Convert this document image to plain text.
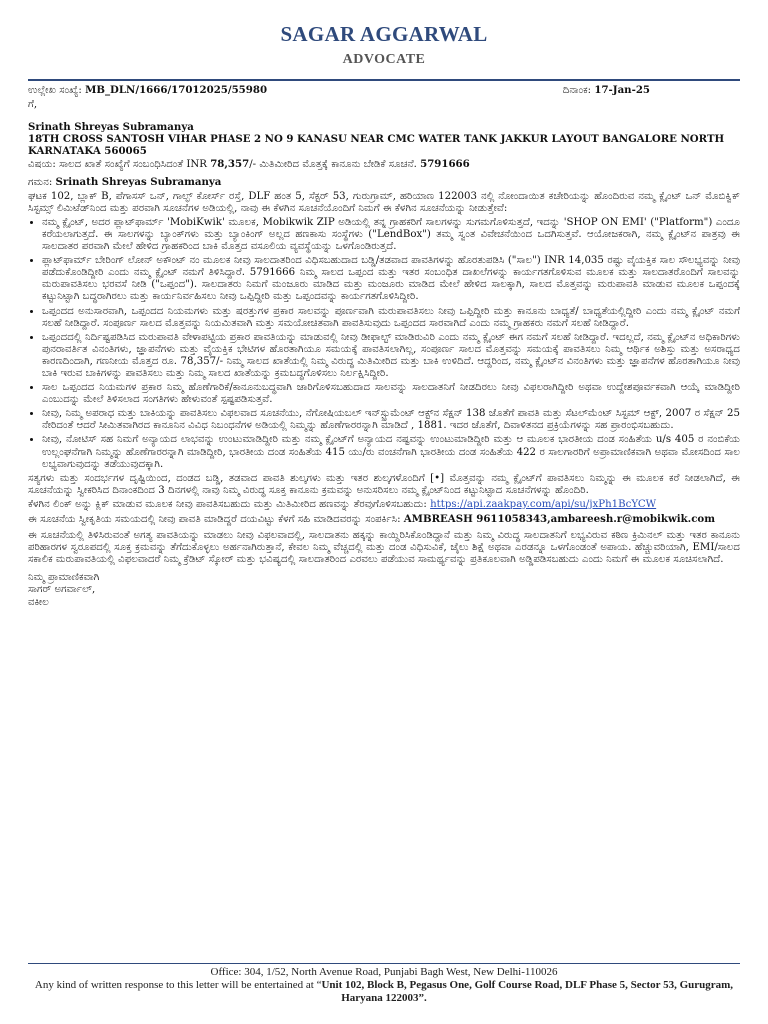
SAGAR AGGARWAL
ADVOCATE
ಉಲ್ಲೇಖ ಸಂಖ್ಯೆ: MB_DLN/1666/17012025/55980	ದಿನಾಂಕ: 17-Jan-25

ಗೆ,

Srinath Shreyas Subramanya

18TH CROSS SANTOSH VIHAR PHASE 2 NO 9 KANASU NEAR CMC WATER TANK JAKKUR LAYOUT BANGALORE NORTH KARNATAKA 560065

ವಿಷಯ: ಸಾಲದ ಖಾತೆ ಸಂಖ್ಯೆಗೆ ಸಂಬಂಧಿಸಿದಂತೆ INR 78,357/- ಮಿತಿಮೀರಿದ ಮೊತ್ತಕ್ಕೆ ಕಾನೂನು ಬೇಡಿಕೆ ಸೂಚನೆ. 5791666

ಗಮನ: Srinath Shreyas Subramanya

ಘಟಕ 102, ಬ್ಲಾಕ್ B, ಪೆಗಾಸಸ್ ಒನ್, ಗಾಲ್ಫ್ ಕೋರ್ಸ್ ರಸ್ತೆ, DLF ಹಂತ 5, ಸೆಕ್ಟರ್ 53, ಗುರುಗ್ರಾಮ್, ಹರಿಯಾಣ 122003 ನಲ್ಲಿ ನೋಂದಾಯಿತ ಕಚೇರಿಯನ್ನು ಹೊಂದಿರುವ ನಮ್ಮ ಕ್ಲೈಂಟ್ ಒನ್ ಮೊಬಿಕ್ವಿಕ್ ಸಿಸ್ಟಮ್ಸ್ ಲಿಮಿಟೆಡ್‌ನಿಂದ ಮತ್ತು ಪರವಾಗಿ ಸೂಚನೆಗಳ ಅಡಿಯಲ್ಲಿ, ನಾವು ಈ ಕೆಳಗಿನ ಸೂಚನೆಯೊಂದಿಗೆ ನಿಮಗೆ ಈ ಕೆಳಗಿನ ಸೂಚನೆಯನ್ನು ನೀಡುತ್ತೇವೆ:

• ನಮ್ಮ ಕ್ಲೈಂಟ್, ಅದರ ಪ್ಲಾಟ್‌ಫಾರ್ಮ್ 'MobiKwik' ಮೂಲಕ, Mobikwik ZIP ಅಡಿಯಲ್ಲಿ ತನ್ನ ಗ್ರಾಹಕರಿಗೆ ಸಾಲಗಳನ್ನು ಸುಗಮಗೊಳಿಸುತ್ತದೆ, ಇದನ್ನು 'SHOP ON EMI' ("Platform") ಎಂದೂ ಕರೆಯಲಾಗುತ್ತದೆ. ಈ ಸಾಲಗಳನ್ನು ಬ್ಯಾಂಕ್‌ಗಳು ಮತ್ತು ಬ್ಯಾಂಕಿಂಗ್ ಅಲ್ಲದ ಹಣಕಾಸು ಸಂಸ್ಥೆಗಳು ("LendBox") ತಮ್ಮ ಸ್ವಂತ ವಿವೇಚನೆಯಿಂದ ಒದಗಿಸುತ್ತವೆ. ಆಯೋಜಕರಾಗಿ, ನಮ್ಮ ಕ್ಲೈಂಟ್‌ನ ಪಾತ್ರವು ಈ ಸಾಲದಾತರ ಪರವಾಗಿ ಮೇಲೆ ಹೇಳಿದ ಗ್ರಾಹಕರಿಂದ ಬಾಕಿ ಮೊತ್ತದ ವಸೂಲಿಯ ವ್ಯವಸ್ಥೆಯನ್ನು ಒಳಗೊಂಡಿರುತ್ತದೆ.
• ಪ್ಲಾಟ್‌ಫಾರ್ಮ್ ಬೇರಿಂಗ್ ಲೋನ್ ಅಕೌಂಟ್ ನಂ ಮೂಲಕ ನೀವು ಸಾಲದಾತರಿಂದ ವಿಧಿಸಬಹುದಾದ ಬಡ್ಡಿ/ತಡವಾದ ಪಾವತಿಗಳನ್ನು ಹೊರತುಪಡಿಸಿ ("ಸಾಲ") INR 14,035 ರಷ್ಟು ವೈಯಕ್ತಿಕ ಸಾಲ ಸೌಲಭ್ಯವನ್ನು ನೀವು ಪಡೆದುಕೊಂಡಿದ್ದೀರಿ ಎಂದು ನಮ್ಮ ಕ್ಲೈಂಟ್ ನಮಗೆ ತಿಳಿಸಿದ್ದಾರೆ. 5791666 ನಿಮ್ಮ ಸಾಲದ ಒಪ್ಪಂದ ಮತ್ತು ಇತರ ಸಂಬಂಧಿತ ದಾಖಲೆಗಳನ್ನು ಕಾರ್ಯಗತಗೊಳಿಸುವ ಮೂಲಕ ಮತ್ತು ಸಾಲದಾತರೊಂದಿಗೆ ಸಾಲವನ್ನು ಮರುಪಾವತಿಸಲು ಭರವಸೆ ನೀಡಿ ("ಒಪ್ಪಂದ"). ಸಾಲದಾತರು ನಿಮಗೆ ಮಂಜೂರು ಮಾಡಿದ ಮತ್ತು ಮಂಜೂರು ಮಾಡಿದ ಮೇಲೆ ಹೇಳಿದ ಸಾಲಕ್ಕಾಗಿ, ಸಾಲದ ಮೊತ್ತವನ್ನು ಮರುಪಾವತಿ ಮಾಡುವ ಮೂಲಕ ಒಪ್ಪಂದಕ್ಕೆ ಕಟ್ಟುನಿಟ್ಟಾಗಿ ಬದ್ಧರಾಗಿರಲು ಮತ್ತು ಕಾರ್ಯನಿರ್ವಹಿಸಲು ನೀವು ಒಪ್ಪಿದ್ದೀರಿ ಮತ್ತು ಒಪ್ಪಂದವನ್ನು ಕಾರ್ಯಗತಗೊಳಿಸಿದ್ದೀರಿ.
• ಒಪ್ಪಂದದ ಅನುಸಾರವಾಗಿ, ಒಪ್ಪಂದದ ನಿಯಮಗಳು ಮತ್ತು ಷರತ್ತುಗಳ ಪ್ರಕಾರ ಸಾಲವನ್ನು ಪೂರ್ಣವಾಗಿ ಮರುಪಾವತಿಸಲು ನೀವು ಒಪ್ಪಿದ್ದೀರಿ ಮತ್ತು ಕಾನೂನು ಬಾಧ್ಯತೆ/ ಬಾಧ್ಯತೆಯಲ್ಲಿದ್ದೀರಿ ಎಂದು ನಮ್ಮ ಕ್ಲೈಂಟ್ ನಮಗೆ ಸಲಹೆ ನೀಡಿದ್ದಾರೆ. ಸಂಪೂರ್ಣ ಸಾಲದ ಮೊತ್ತವನ್ನು ನಿಯಮಿತವಾಗಿ ಮತ್ತು ಸಮಯೋಚಿತವಾಗಿ ಪಾವತಿಸುವುದು ಒಪ್ಪಂದದ ಸಾರವಾಗಿದೆ ಎಂದು ನಮ್ಮ ಗ್ರಾಹಕರು ನಮಗೆ ಸಲಹೆ ನೀಡಿದ್ದಾರೆ.
• ಒಪ್ಪಂದದಲ್ಲಿ ನಿರ್ದಿಷ್ಟಪಡಿಸಿದ ಮರುಪಾವತಿ ವೇಳಾಪಟ್ಟಿಯ ಪ್ರಕಾರ ಪಾವತಿಯನ್ನು ಮಾಡುವಲ್ಲಿ ನೀವು ಡೀಫಾಲ್ಟ್ ಮಾಡಿರುವಿರಿ ಎಂದು ನಮ್ಮ ಕ್ಲೈಂಟ್ ಈಗ ನಮಗೆ ಸಲಹೆ ನೀಡಿದ್ದಾರೆ. ಇದಲ್ಲದೆ, ನಮ್ಮ ಕ್ಲೈಂಟ್‌ನ ಅಧಿಕಾರಿಗಳು ಪುನರಾವರ್ತಿತ ವಿನಂತಿಗಳು, ಜ್ಞಾಪನೆಗಳು ಮತ್ತು ವೈಯಕ್ತಿಕ ಭೇಟಿಗಳ ಹೊರತಾಗಿಯೂ ಸಮಯಕ್ಕೆ ಪಾವತಿಸಲಾಗಿಲ್ಲ, ಸಂಪೂರ್ಣ ಸಾಲದ ಮೊತ್ತವನ್ನು ಸಮಯಕ್ಕೆ ಪಾವತಿಸಲು ನಿಮ್ಮ ಆರ್ಥಿಕ ಅಶಿಸ್ತು ಮತ್ತು ಅಸರಾಧ್ಯದ ಕಾರಣದಿಂದಾಗಿ, ಗಣನೀಯ ಮೊತ್ತದ ರೂ. 78,357/- ನಿಮ್ಮ ಸಾಲದ ಖಾತೆಯಲ್ಲಿ ನಿಮ್ಮ ವಿರುದ್ಧ ಮಿತಿಮೀರಿದ ಮತ್ತು ಬಾಕಿ ಉಳಿದಿದೆ. ಆದ್ದರಿಂದ, ನಮ್ಮ ಕ್ಲೈಂಟ್‌ನ ವಿನಂತಿಗಳು ಮತ್ತು ಜ್ಞಾಪನೆಗಳ ಹೊರತಾಗಿಯೂ ನೀವು ಬಾಕಿ ಇರುವ ಬಾಕಿಗಳನ್ನು ಪಾವತಿಸಲು ಮತ್ತು ನಿಮ್ಮ ಸಾಲದ ಖಾತೆಯನ್ನು ಕ್ರಮಬದ್ಧಗೊಳಿಸಲು ನಿರ್ಲಕ್ಷಿಸಿದ್ದೀರಿ.
• ಸಾಲ ಒಪ್ಪಂದದ ನಿಯಮಗಳ ಪ್ರಕಾರ ನಿಮ್ಮ ಹೊಣೆಗಾರಿಕೆ/ಕಾನೂನುಬದ್ಧವಾಗಿ ಜಾರಿಗೊಳಿಸಬಹುದಾದ ಸಾಲವನ್ನು ಸಾಲದಾತನಿಗೆ ನೀಡದಿರಲು ನೀವು ವಿಫಲರಾಗಿದ್ದೀರಿ ಅಥವಾ ಉದ್ದೇಶಪೂರ್ವಕವಾಗಿ ಆಯ್ಕೆ ಮಾಡಿದ್ದೀರಿ ಎಂಬುದನ್ನು ಮೇಲೆ ತಿಳಿಸಲಾದ ಸಂಗತಿಗಳು ಹೇಳುವಂತೆ ಸ್ಪಷ್ಟಪಡಿಸುತ್ತವೆ.
• ನೀವು, ನಿಮ್ಮ ಅಪರಾಧ ಮತ್ತು ಬಾಕಿಯನ್ನು ಪಾವತಿಸಲು ವಿಫಲವಾದ ಸೂಚನೆಯು, ನೆಗೋಷಿಯಬಲ್ ಇನ್‌ಸ್ಟ್ರುಮೆಂಟ್ ಆಕ್ಟ್‌ನ ಸೆಕ್ಷನ್ 138 ಜೊತೆಗೆ ಪಾವತಿ ಮತ್ತು ಸೆಟಲ್‌ಮೆಂಟ್ ಸಿಸ್ಟಮ್ ಆಕ್ಟ್, 2007 ರ ಸೆಕ್ಷನ್ 25 ನೇರಿದಂತೆ ಆದರೆ ಸೀಮಿತವಾಗಿರದ ಕಾನೂನಿನ ವಿವಿಧ ನಿಬಂಧನೆಗಳ ಅಡಿಯಲ್ಲಿ ನಿಮ್ಮನ್ನು ಹೊಣೆಗಾರರನ್ನಾಗಿ ಮಾಡಿದೆ , 1881. ಇದರ ಜೊತೆಗೆ, ದಿವಾಳಿತನದ ಪ್ರಕ್ರಿಯೆಗಳನ್ನು ಸಹ ಪ್ರಾರಂಭಿಸಬಹುದು.
• ನೀವು, ನೋಟಿಸ್ ಸಹ ನಿಮಗೆ ಅನ್ಯಾಯದ ಲಾಭವನ್ನು ಉಂಟುಮಾಡಿದ್ದೀರಿ ಮತ್ತು ನಮ್ಮ ಕ್ಲೈಂಟ್‌ಗೆ ಅನ್ಯಾಯದ ನಷ್ಟವನ್ನು ಉಂಟುಮಾಡಿದ್ದೀರಿ ಮತ್ತು ಆ ಮೂಲಕ ಭಾರತೀಯ ದಂಡ ಸಂಹಿತೆಯ u/s 405 ರ ನಂಬಿಕೆಯ ಉಲ್ಲಂಘನೆಗಾಗಿ ನಿಮ್ಮನ್ನು ಹೊಣೆಗಾರರನ್ನಾಗಿ ಮಾಡಿದ್ದೀರಿ, ಭಾರತೀಯ ದಂಡ ಸಂಹಿತೆಯ 415 ಯು/ರು ವಂಚನೆಗಾಗಿ ಭಾರತೀಯ ದಂಡ ಸಂಹಿತೆಯ 422 ರ ಸಾಲಗಾರರಿಗೆ ಅಪ್ರಾಮಾಣಿಕವಾಗಿ ಅಥವಾ ಮೋಸದಿಂದ ಸಾಲ ಲಭ್ಯವಾಗುವುದನ್ನು ತಡೆಯುವುದಕ್ಕಾಗಿ.

ಸತ್ಯಗಳು ಮತ್ತು ಸಂದರ್ಭಗಳ ದೃಷ್ಟಿಯಿಂದ, ದಂಡದ ಬಡ್ಡಿ, ತಡವಾದ ಪಾವತಿ ಶುಲ್ಕಗಳು ಮತ್ತು ಇತರ ಶುಲ್ಕಗಳೊಂದಿಗೆ [•] ಮೊತ್ತವನ್ನು ನಮ್ಮ ಕ್ಲೈಂಟ್‌ಗೆ ಪಾವತಿಸಲು ನಿಮ್ಮನ್ನು ಈ ಮೂಲಕ ಕರೆ ನೀಡಲಾಗಿದೆ, ಈ ಸೂಚನೆಯನ್ನು ಸ್ವೀಕರಿಸಿದ ದಿನಾಂಕದಿಂದ 3 ದಿನಗಳಲ್ಲಿ ನಾವು ನಿಮ್ಮ ವಿರುದ್ಧ ಸೂಕ್ತ ಕಾನೂನು ಕ್ರಮವನ್ನು ಅನುಸರಿಸಲು ನಮ್ಮ ಕ್ಲೈಂಟ್‌ನಿಂದ ಕಟ್ಟುನಿಟ್ಟಾದ ಸೂಚನೆಗಳನ್ನು ಹೊಂದಿರಿ.

ಕೆಳಗಿನ ಲಿಂಕ್ ಅನ್ನು ಕ್ಲಿಕ್ ಮಾಡುವ ಮೂಲಕ ನೀವು ಪಾವತಿಸಬಹುದು ಮತ್ತು ಮಿತಿಮೀರಿದ ಹಣವನ್ನು ತೆರವುಗೊಳಿಸಬಹುದು: https://api.zaakpay.com/api/su/jxPh1BcYCW

ಈ ಸೂಚನೆಯ ಸ್ವೀಕೃತಿಯ ಸಮಯದಲ್ಲಿ ನೀವು ಪಾವತಿ ಮಾಡಿದ್ದರೆ ದಯವಿಟ್ಟು ಕೆಳಗೆ ಸಹಿ ಮಾಡಿದವರನ್ನು ಸಂಪರ್ಕಿಸಿ: AMBREASH 9611058343,ambareesh.r@mobikwik.com

ಈ ಸೂಚನೆಯಲ್ಲಿ ತಿಳಿಸಿರುವಂತೆ ಅಗತ್ಯ ಪಾವತಿಯನ್ನು ಮಾಡಲು ನೀವು ವಿಫಲವಾದಲ್ಲಿ, ಸಾಲದಾತನು ಹಕ್ಕನ್ನು ಕಾಯ್ದಿರಿಸಿಕೊಂಡಿದ್ದಾನೆ ಮತ್ತು ನಿಮ್ಮ ವಿರುದ್ಧ ಸಾಲದಾತನಿಗೆ ಲಭ್ಯವಿರುವ ಕಠಿಣ ಕ್ರಿಮಿನಲ್ ಮತ್ತು ಇತರ ಕಾನೂನು ಪರಿಹಾರಗಳ ಸ್ವರೂಪದಲ್ಲಿ ಸೂಕ್ತ ಕ್ರಮವನ್ನು ತೆಗೆದುಕೊಳ್ಳಲು ಅರ್ಹನಾಗಿರುತ್ತಾನೆ, ಕೇವಲ ನಿಮ್ಮ ವೆಚ್ಚದಲ್ಲಿ ಮತ್ತು ದಂಡ ವಿಧಿಸುವಿಕೆ, ಜೈಲು ಶಿಕ್ಷೆ ಅಥವಾ ಎರಡನ್ನೂ ಒಳಗೊಂಡಂತೆ ಅಪಾಯ. ಹೆಚ್ಚುವರಿಯಾಗಿ, EMI/ಸಾಲದ ಸಕಾಲಿಕ ಮರುಪಾವತಿಯಲ್ಲಿ ವಿಫಲವಾದರೆ ನಿಮ್ಮ ಕ್ರೆಡಿಟ್ ಸ್ಕೋರ್ ಮತ್ತು ಭವಿಷ್ಯದಲ್ಲಿ ಸಾಲದಾತರಿಂದ ಎರವಲು ಪಡೆಯುವ ಸಾಮರ್ಥ್ಯವನ್ನು ಪ್ರತಿಕೂಲವಾಗಿ ಅಡ್ಡಿಪಡಿಸಬಹುದು ಎಂದು ನಿಮಗೆ ಈ ಮೂಲಕ ಸೂಚಿಸಲಾಗಿದೆ.

ನಿಮ್ಮ ಪ್ರಾಮಾಣಿಕವಾಗಿ
ಸಾಗರ್ ಅಗರ್ವಾಲ್,
ವಕೀಲ
Office: 304, 1/52, North Avenue Road, Punjabi Bagh West, New Delhi-110026
Any kind of written response to this letter will be entertained at “Unit 102, Block B, Pegasus One, Golf Course Road, DLF Phase 5, Sector 53, Gurugram, Haryana 122003”.
